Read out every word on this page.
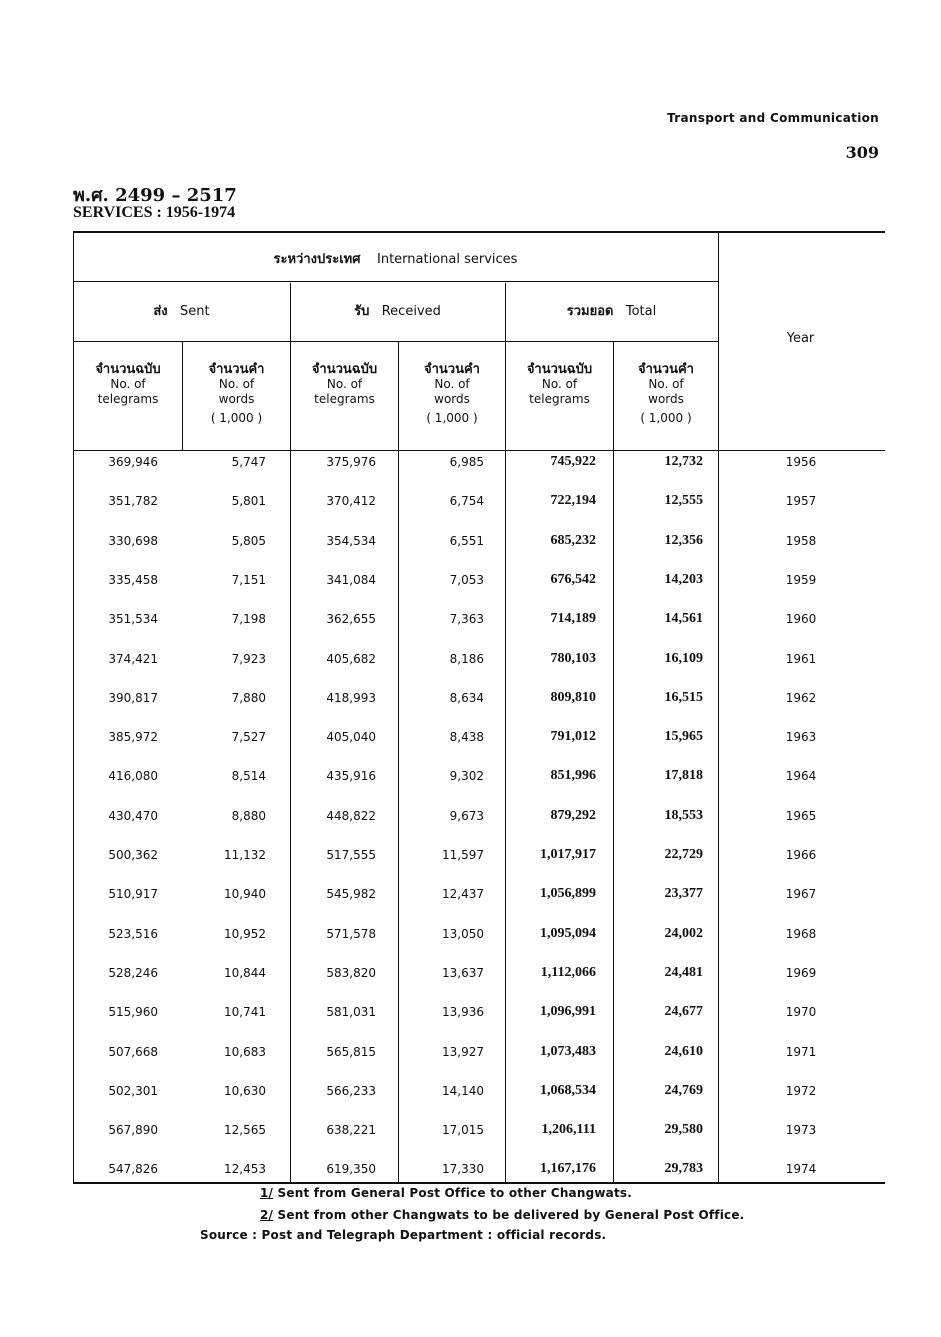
Transport and Communication
309
พ.ศ. 2499 – 2517
SERVICES : 1956-1974
ระหว่างประเทศ International services
ส่ง Sent	รับ Received	รวมยอด Total
Year
จำนวนฉบับ
No. of
telegrams
จำนวนคำ
No. of
words
( 1,000 )
จำนวนฉบับ
No. of
telegrams
จำนวนคำ
No. of
words
( 1,000 )
จำนวนฉบับ
No. of
telegrams
จำนวนคำ
No. of
words
( 1,000 )
369,946	5,747	375,976	6,985	745,922	12,732	1956
351,782	5,801	370,412	6,754	722,194	12,555	1957
330,698	5,805	354,534	6,551	685,232	12,356	1958
335,458	7,151	341,084	7,053	676,542	14,203	1959
351,534	7,198	362,655	7,363	714,189	14,561	1960
374,421	7,923	405,682	8,186	780,103	16,109	1961
390,817	7,880	418,993	8,634	809,810	16,515	1962
385,972	7,527	405,040	8,438	791,012	15,965	1963
416,080	8,514	435,916	9,302	851,996	17,818	1964
430,470	8,880	448,822	9,673	879,292	18,553	1965
500,362	11,132	517,555	11,597	1,017,917	22,729	1966
510,917	10,940	545,982	12,437	1,056,899	23,377	1967
523,516	10,952	571,578	13,050	1,095,094	24,002	1968
528,246	10,844	583,820	13,637	1,112,066	24,481	1969
515,960	10,741	581,031	13,936	1,096,991	24,677	1970
507,668	10,683	565,815	13,927	1,073,483	24,610	1971
502,301	10,630	566,233	14,140	1,068,534	24,769	1972
567,890	12,565	638,221	17,015	1,206,111	29,580	1973
547,826	12,453	619,350	17,330	1,167,176	29,783	1974
1/ Sent from General Post Office to other Changwats.
2/ Sent from other Changwats to be delivered by General Post Office.
Source : Post and Telegraph Department : official records.
